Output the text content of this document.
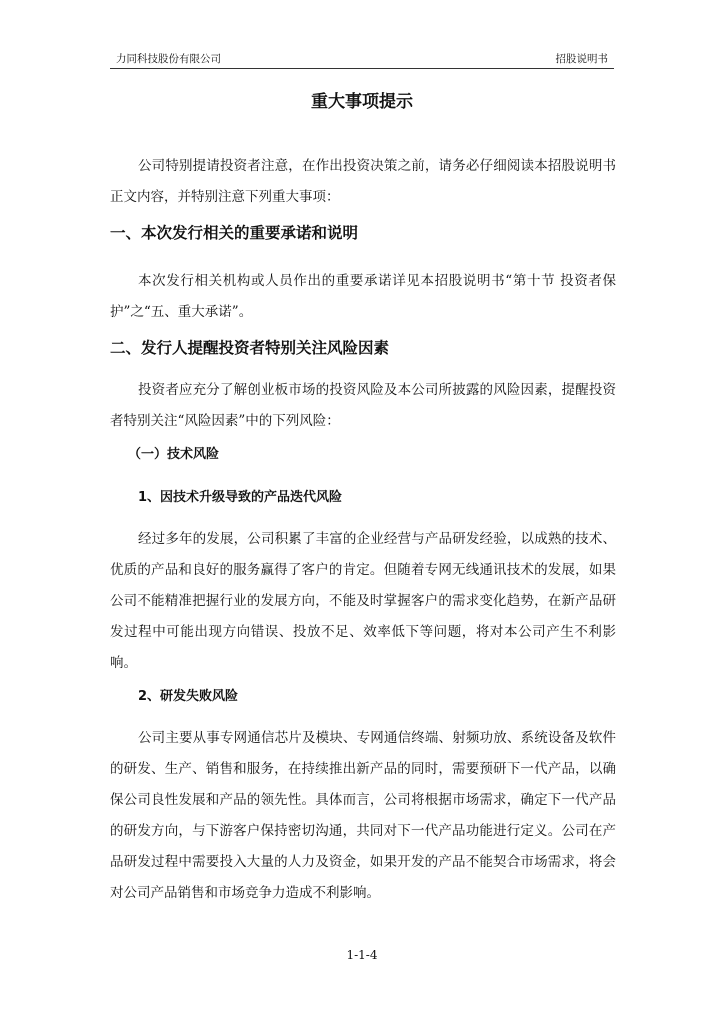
力同科技股份有限公司	招股说明书
重大事项提示

公司特别提请投资者注意，在作出投资决策之前，请务必仔细阅读本招股说明书正文内容，并特别注意下列重大事项：

一、本次发行相关的重要承诺和说明

本次发行相关机构或人员作出的重要承诺详见本招股说明书“第十节 投资者保护”之“五、重大承诺”。

二、发行人提醒投资者特别关注风险因素

投资者应充分了解创业板市场的投资风险及本公司所披露的风险因素，提醒投资者特别关注“风险因素”中的下列风险：

（一）技术风险
1、因技术升级导致的产品迭代风险

经过多年的发展，公司积累了丰富的企业经营与产品研发经验，以成熟的技术、优质的产品和良好的服务赢得了客户的肯定。但随着专网无线通讯技术的发展，如果公司不能精准把握行业的发展方向，不能及时掌握客户的需求变化趋势，在新产品研发过程中可能出现方向错误、投放不足、效率低下等问题，将对本公司产生不利影响。

2、研发失败风险

公司主要从事专网通信芯片及模块、专网通信终端、射频功放、系统设备及软件的研发、生产、销售和服务，在持续推出新产品的同时，需要预研下一代产品，以确保公司良性发展和产品的领先性。具体而言，公司将根据市场需求，确定下一代产品的研发方向，与下游客户保持密切沟通，共同对下一代产品功能进行定义。公司在产品研发过程中需要投入大量的人力及资金，如果开发的产品不能契合市场需求，将会对公司产品销售和市场竞争力造成不利影响。

1-1-4
